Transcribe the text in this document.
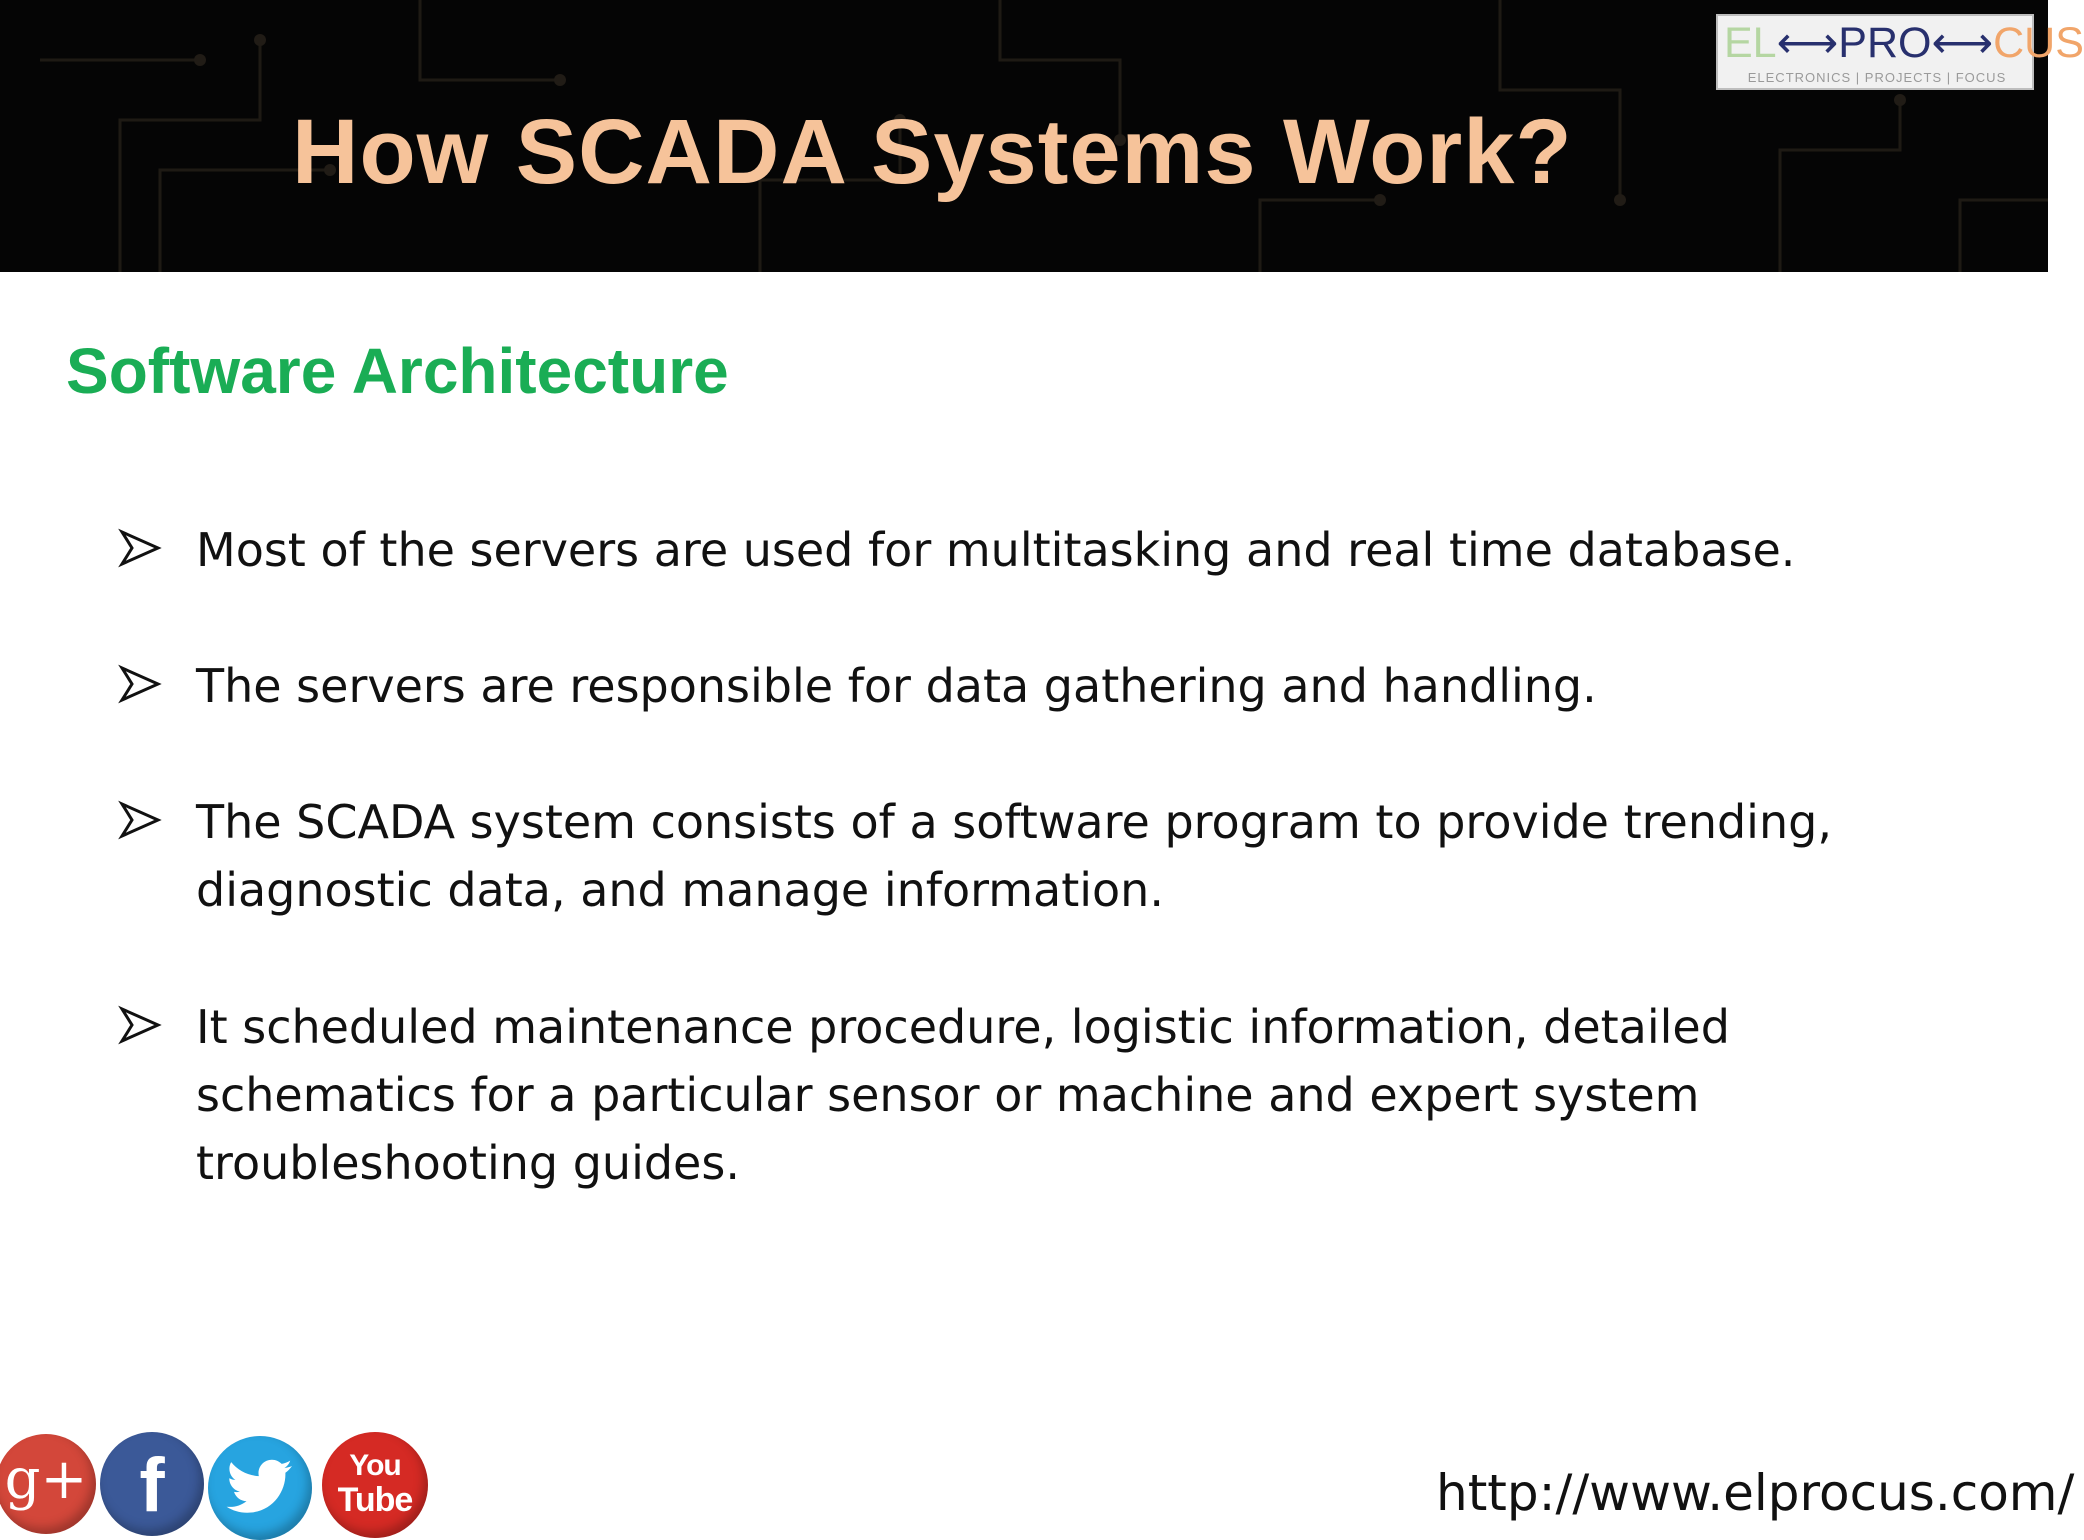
How SCADA Systems Work?
EL⟷PRO⟷CUS
ELECTRONICS | PROJECTS | FOCUS
Software Architecture
Most of the servers are used for multitasking and real time database.
The servers are responsible for data gathering and handling.
The SCADA system consists of a software program to provide trending, diagnostic data, and manage information.
It scheduled maintenance procedure, logistic information, detailed schematics for a particular sensor or machine and expert system troubleshooting guides.
g+ f	You
Tube	http://www.elprocus.com/
